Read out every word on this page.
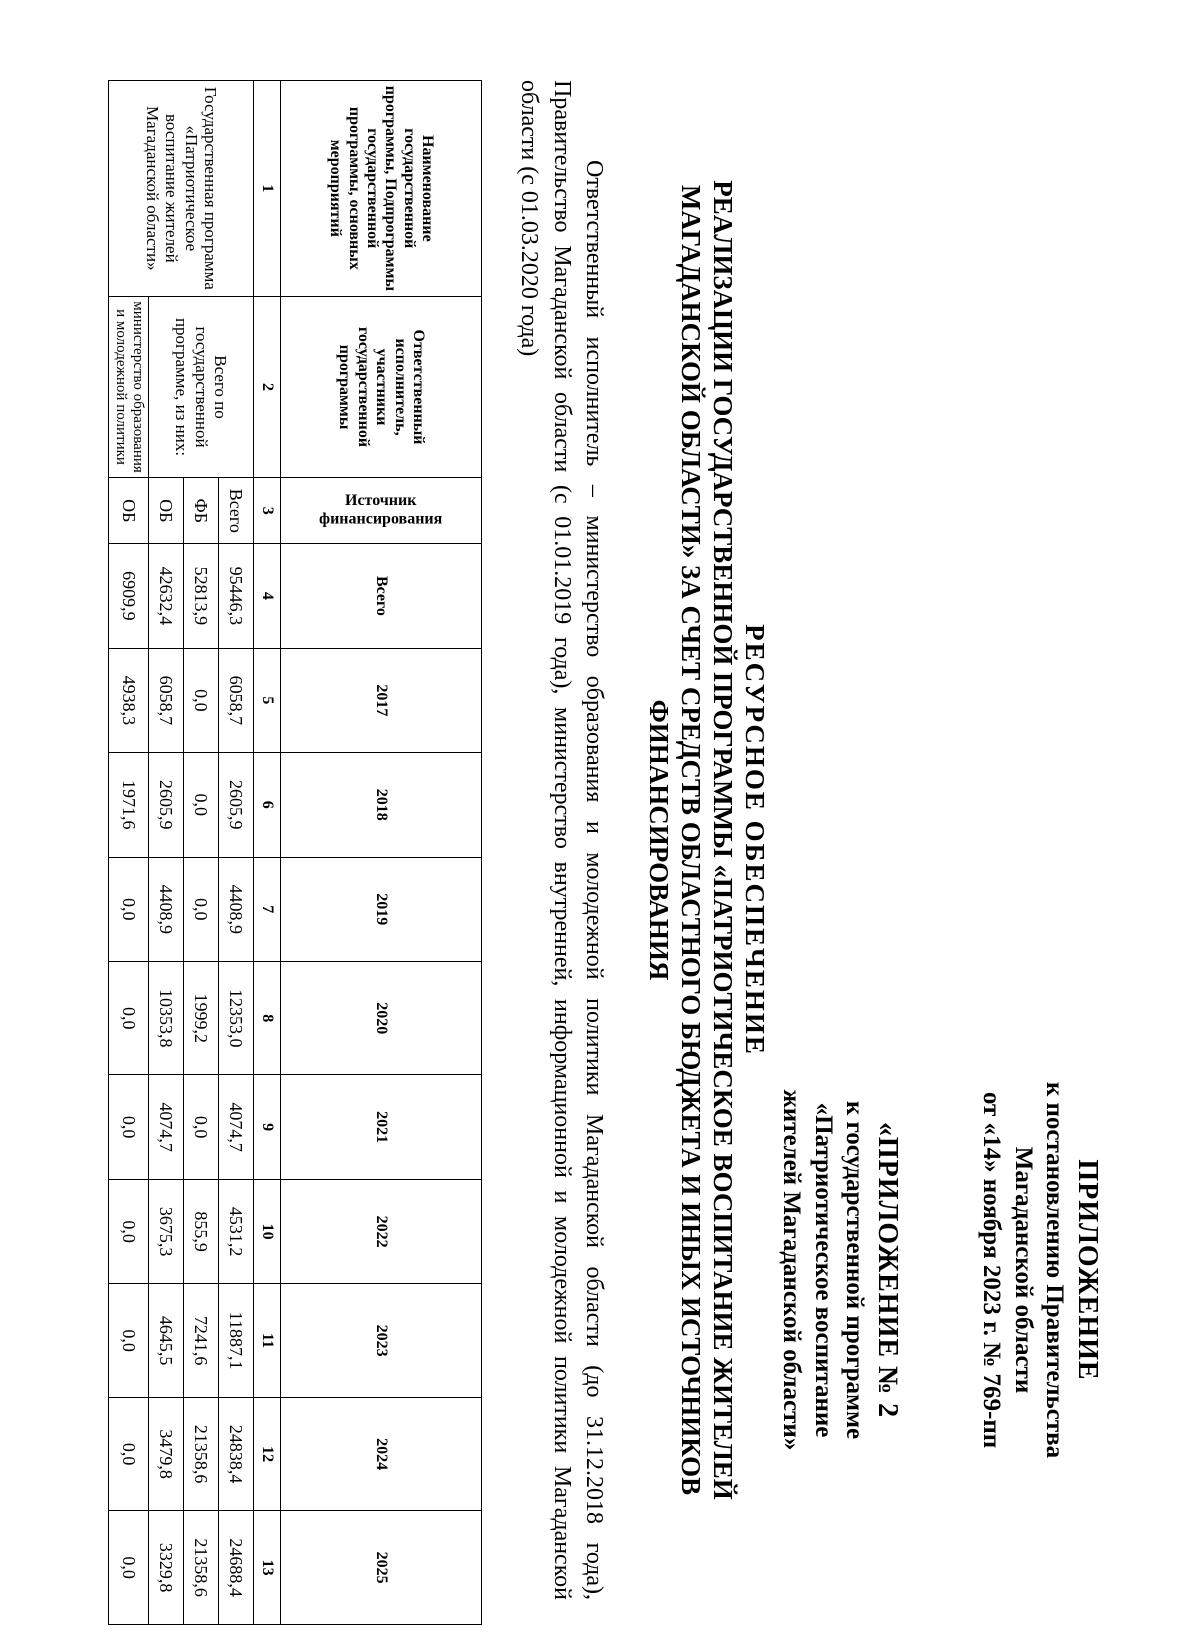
ПРИЛОЖЕНИЕ
к постановлению Правительства
Магаданской области
от «14» ноября 2023 г. № 769-пп
«ПРИЛОЖЕНИЕ № 2
к государственной программе
«Патриотическое воспитание
жителей Магаданской области»
РЕСУРСНОЕ ОБЕСПЕЧЕНИЕ
РЕАЛИЗАЦИИ ГОСУДАРСТВЕННОЙ ПРОГРАММЫ «ПАТРИОТИЧЕСКОЕ ВОСПИТАНИЕ ЖИТЕЛЕЙ
МАГАДАНСКОЙ ОБЛАСТИ» ЗА СЧЕТ СРЕДСТВ ОБЛАСТНОГО БЮДЖЕТА И ИНЫХ ИСТОЧНИКОВ
ФИНАНСИРОВАНИЯ
Ответственный исполнитель – министерство образования и молодежной политики Магаданской области (до 31.12.2018 года), Правительство Магаданской области (с 01.01.2019 года), министерство внутренней, информационной и молодежной политики Магаданской области (с 01.03.2020 года)
Наименование государственной программы, Подпрограммы государственной программы, основных мероприятий	Ответственный исполнитель, участники государственной программы	Источник финансирования	Всего	2017	2018	2019	2020	2021	2022	2023	2024	2025
1	2	3	4	5	6	7	8	9	10	11	12	13
Государственная программа «Патриотическое воспитание жителей Магаданской области»	Всего по государственной программе, из них:	Всего	95446,3	6058,7	2605,9	4408,9	12353,0	4074,7	4531,2	11887,1	24838,4	24688,4
		ФБ	52813,9	0,0	0,0	0,0	1999,2	0,0	855,9	7241,6	21358,6	21358,6
		ОБ	42632,4	6058,7	2605,9	4408,9	10353,8	4074,7	3675,3	4645,5	3479,8	3329,8
	министерство образования и молодежной политики	ОБ	6909,9	4938,3	1971,6	0,0	0,0	0,0	0,0	0,0	0,0	0,0
